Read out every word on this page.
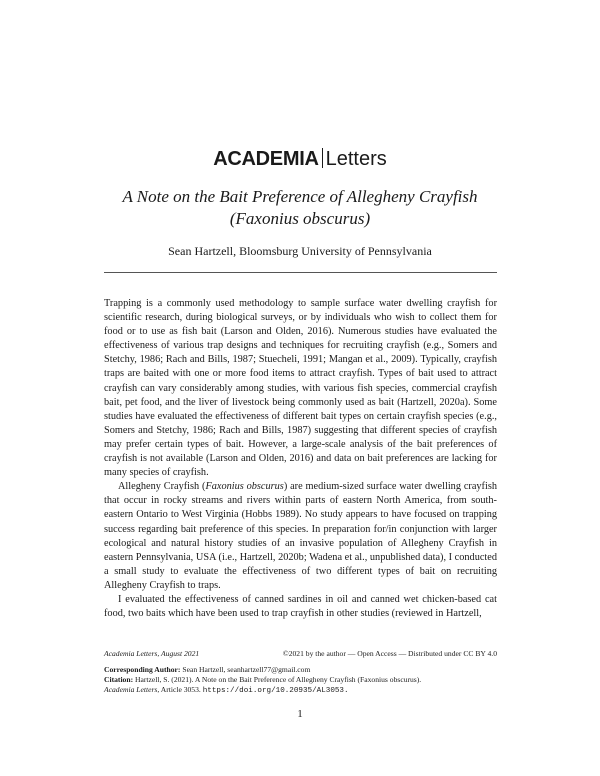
ACADEMIA Letters
A Note on the Bait Preference of Allegheny Crayfish
(Faxonius obscurus)
Sean Hartzell, Bloomsburg University of Pennsylvania

Trapping is a commonly used methodology to sample surface water dwelling crayfish for scientific research, during biological surveys, or by individuals who wish to collect them for food or to use as fish bait (Larson and Olden, 2016). Numerous studies have evaluated the effectiveness of various trap designs and techniques for recruiting crayfish (e.g., Somers and Stetchy, 1986; Rach and Bills, 1987; Stuecheli, 1991; Mangan et al., 2009). Typically, crayfish traps are baited with one or more food items to attract crayfish. Types of bait used to attract crayfish can vary considerably among studies, with various fish species, commercial crayfish bait, pet food, and the liver of livestock being commonly used as bait (Hartzell, 2020a). Some studies have evaluated the effectiveness of different bait types on certain crayfish species (e.g., Somers and Stetchy, 1986; Rach and Bills, 1987) suggesting that different species of crayfish may prefer certain types of bait. However, a large-scale analysis of the bait preferences of crayfish is not available (Larson and Olden, 2016) and data on bait preferences are lacking for many species of crayfish.

Allegheny Crayfish (Faxonius obscurus) are medium-sized surface water dwelling crayfish that occur in rocky streams and rivers within parts of eastern North America, from south-eastern Ontario to West Virginia (Hobbs 1989). No study appears to have focused on trapping success regarding bait preference of this species. In preparation for/in conjunction with larger ecological and natural history studies of an invasive population of Allegheny Crayfish in eastern Pennsylvania, USA (i.e., Hartzell, 2020b; Wadena et al., unpublished data), I conducted a small study to evaluate the effectiveness of two different types of bait on recruiting Allegheny Crayfish to traps.

I evaluated the effectiveness of canned sardines in oil and canned wet chicken-based cat food, two baits which have been used to trap crayfish in other studies (reviewed in Hartzell,

Academia Letters, August 2021	©2021 by the author — Open Access — Distributed under CC BY 4.0
Corresponding Author: Sean Hartzell, seanhartzell77@gmail.com
Citation: Hartzell, S. (2021). A Note on the Bait Preference of Allegheny Crayfish (Faxonius obscurus).
Academia Letters, Article 3053. https://doi.org/10.20935/AL3053.
1
